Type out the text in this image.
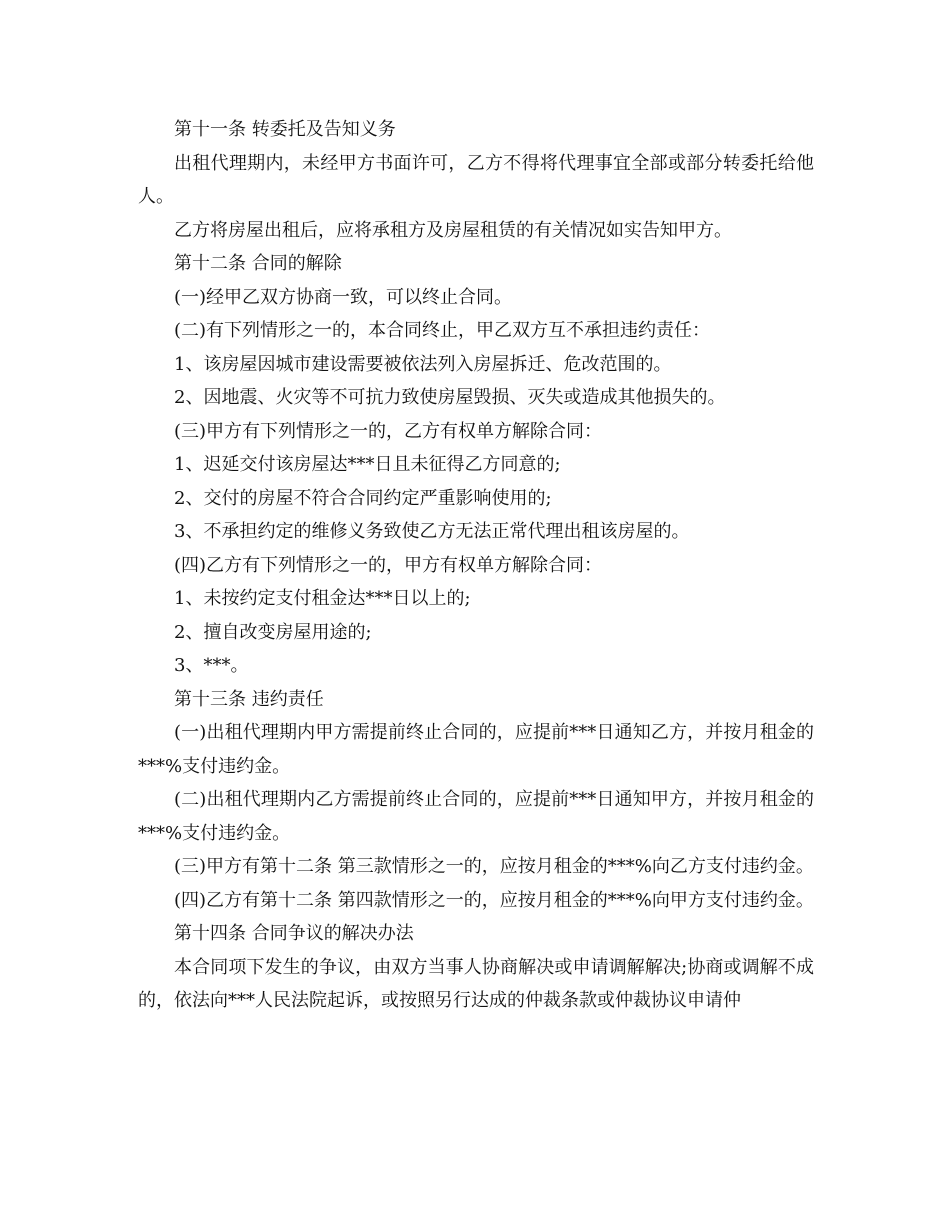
第十一条 转委托及告知义务

出租代理期内，未经甲方书面许可，乙方不得将代理事宜全部或部分转委托给他人。

乙方将房屋出租后，应将承租方及房屋租赁的有关情况如实告知甲方。

第十二条 合同的解除

(一)经甲乙双方协商一致，可以终止合同。

(二)有下列情形之一的，本合同终止，甲乙双方互不承担违约责任：

1、该房屋因城市建设需要被依法列入房屋拆迁、危改范围的。

2、因地震、火灾等不可抗力致使房屋毁损、灭失或造成其他损失的。

(三)甲方有下列情形之一的，乙方有权单方解除合同：

1、迟延交付该房屋达***日且未征得乙方同意的;

2、交付的房屋不符合合同约定严重影响使用的;

3、不承担约定的维修义务致使乙方无法正常代理出租该房屋的。

(四)乙方有下列情形之一的，甲方有权单方解除合同：

1、未按约定支付租金达***日以上的;

2、擅自改变房屋用途的;

3、***。

第十三条 违约责任

(一)出租代理期内甲方需提前终止合同的，应提前***日通知乙方，并按月租金的***%支付违约金。

(二)出租代理期内乙方需提前终止合同的，应提前***日通知甲方，并按月租金的***%支付违约金。

(三)甲方有第十二条 第三款情形之一的，应按月租金的***%向乙方支付违约金。

(四)乙方有第十二条 第四款情形之一的，应按月租金的***%向甲方支付违约金。

第十四条 合同争议的解决办法

本合同项下发生的争议，由双方当事人协商解决或申请调解解决;协商或调解不成的，依法向***人民法院起诉，或按照另行达成的仲裁条款或仲裁协议申请仲
